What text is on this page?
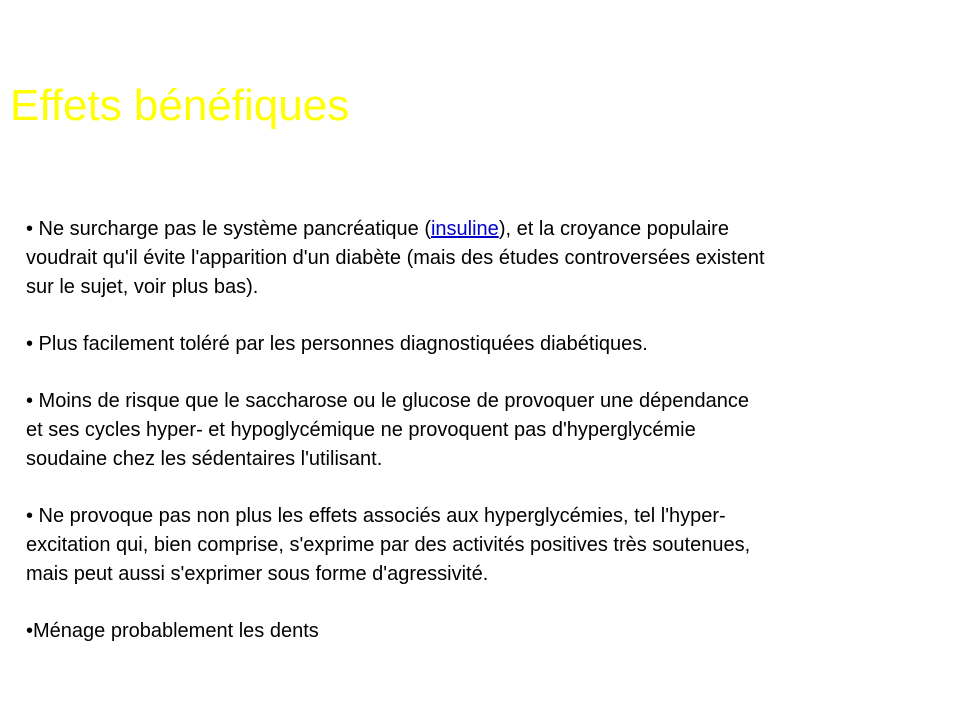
Effets bénéfiques

• Ne surcharge pas le système pancréatique (insuline), et la croyance populaire
voudrait qu'il évite l'apparition d'un diabète (mais des études controversées existent
sur le sujet, voir plus bas).

• Plus facilement toléré par les personnes diagnostiquées diabétiques.

• Moins de risque que le saccharose ou le glucose de provoquer une dépendance
et ses cycles hyper- et hypoglycémique ne provoquent pas d'hyperglycémie
soudaine chez les sédentaires l'utilisant.

• Ne provoque pas non plus les effets associés aux hyperglycémies, tel l'hyper-
excitation qui, bien comprise, s'exprime par des activités positives très soutenues,
mais peut aussi s'exprimer sous forme d'agressivité.

•Ménage probablement les dents
